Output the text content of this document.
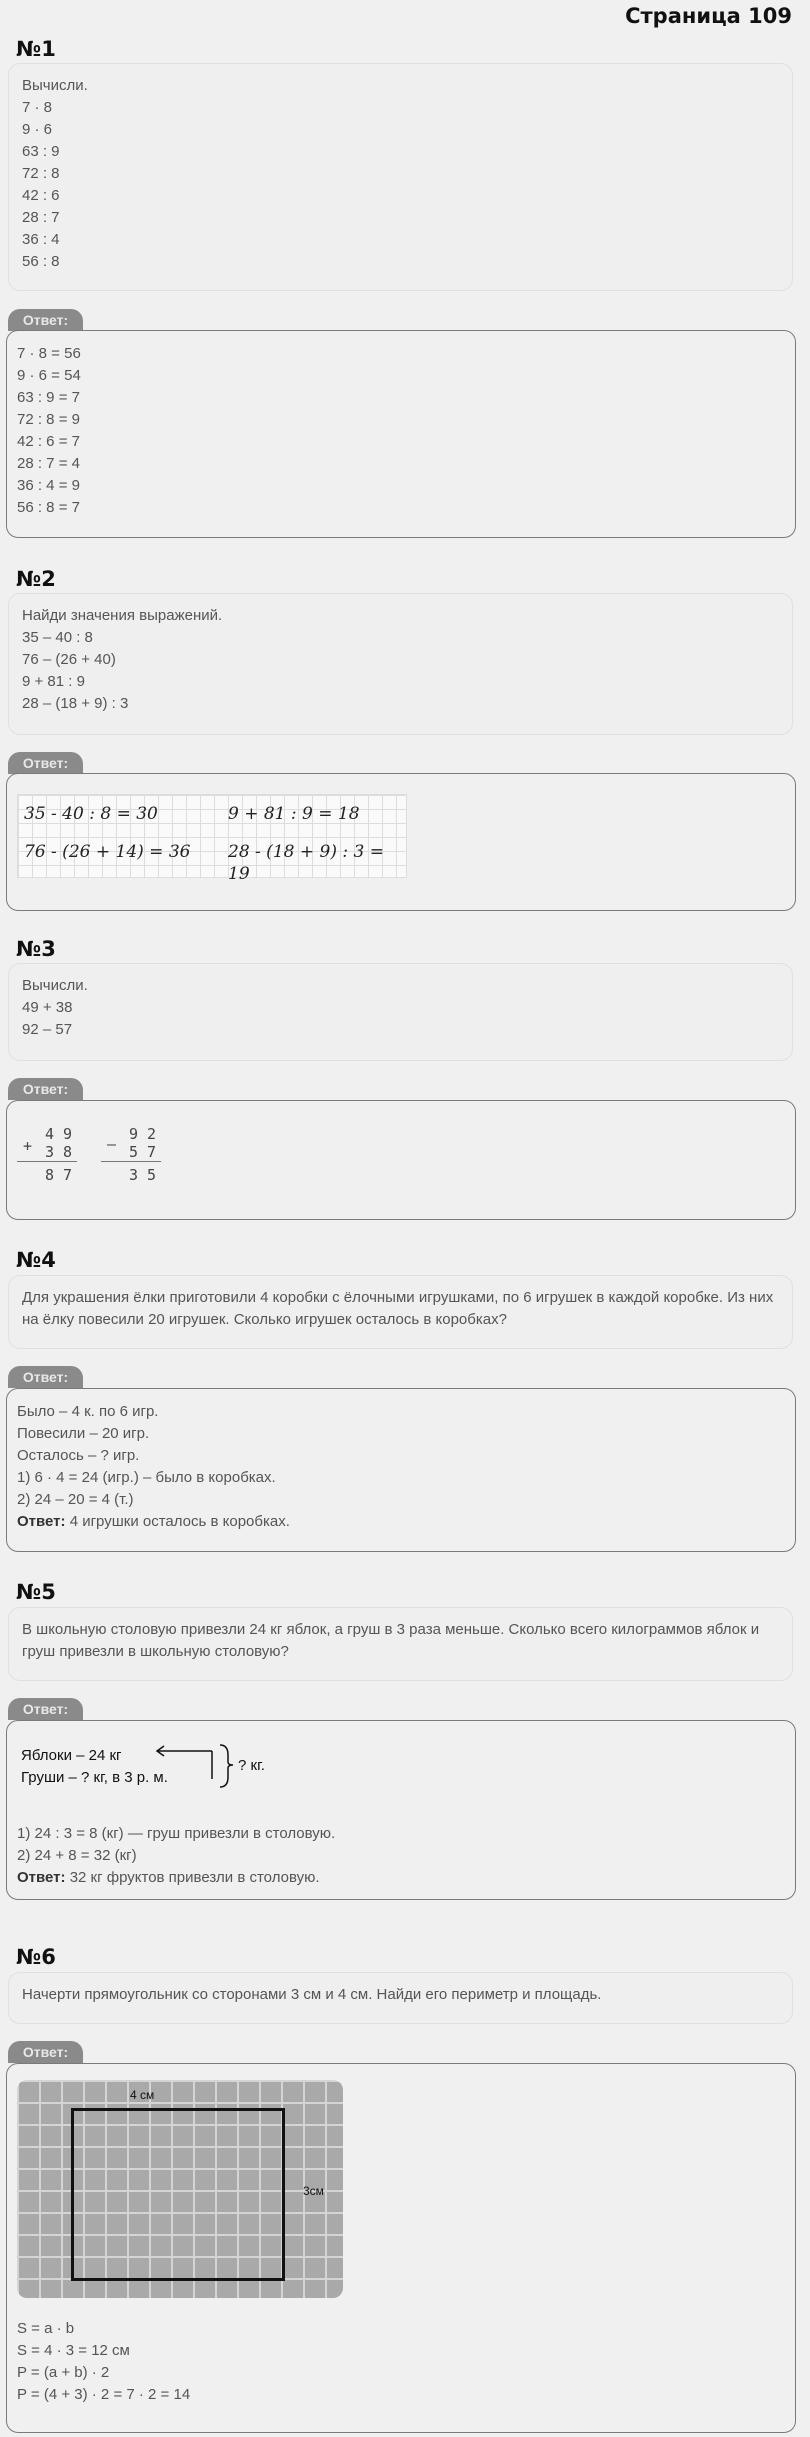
Страница 109
№1
Вычисли.
7 · 8
9 · 6
63 : 9
72 : 8
42 : 6
28 : 7
36 : 4
56 : 8
Ответ:
7 · 8 = 56
9 · 6 = 54
63 : 9 = 7
72 : 8 = 9
42 : 6 = 7
28 : 7 = 4
36 : 4 = 9
56 : 8 = 7
№2
Найди значения выражений.
35 – 40 : 8
76 – (26 + 40)
9 + 81 : 9
28 – (18 + 9) : 3
Ответ:
35 - 40 : 8 = 30	9 + 81 : 9 = 18
76 - (26 + 14) = 36 28 - (18 + 9) : 3 = 19
№3
Вычисли.
49 + 38
92 – 57
Ответ:
+
4 9
3 8
8 7
–
9 2
5 7
3 5
№4
Для украшения ёлки приготовили 4 коробки с ёлочными игрушками, по 6 игрушек в каждой коробке. Из них на ёлку повесили 20 игрушек. Сколько игрушек осталось в коробках?
Ответ:
Было – 4 к. по 6 игр.
Повесили – 20 игр.
Осталось – ? игр.
1) 6 · 4 = 24 (игр.) – было в коробках.
2) 24 – 20 = 4 (т.)
Ответ: 4 игрушки осталось в коробках.
№5
В школьную столовую привезли 24 кг яблок, а груш в 3 раза меньше. Сколько всего килограммов яблок и груш привезли в школьную столовую?
Ответ:
Яблоки – 24 кг
Груши – ? кг, в 3 р. м.
? кг.
1) 24 : 3 = 8 (кг) — груш привезли в столовую.
2) 24 + 8 = 32 (кг)
Ответ: 32 кг фруктов привезли в столовую.
№6
Начерти прямоугольник со сторонами 3 см и 4 см. Найди его периметр и площадь.
Ответ:
4 см
3см
S = a · b
S = 4 · 3 = 12 см
P = (a + b) · 2
P = (4 + 3) · 2 = 7 · 2 = 14
